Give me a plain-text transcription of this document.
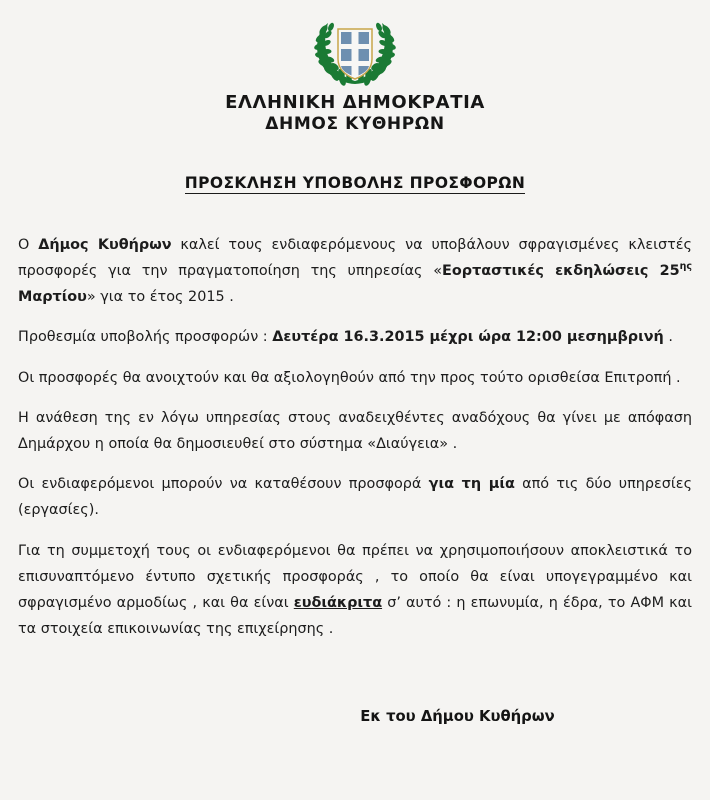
ΕΛΛΗΝΙΚΗ ΔΗΜΟΚΡΑΤΙΑ
ΔΗΜΟΣ ΚΥΘΗΡΩΝ
ΠΡΟΣΚΛΗΣΗ ΥΠΟΒΟΛΗΣ ΠΡΟΣΦΟΡΩΝ

Ο Δήμος Κυθήρων καλεί τους ενδιαφερόμενους να υποβάλουν σφραγισμένες κλειστές προσφορές για την πραγματοποίηση της υπηρεσίας «Εορταστικές εκδηλώσεις $25^{\eta\varsigma}$ Μαρτίου» για το έτος 2015 .

Προθεσμία υποβολής προσφορών : Δευτέρα 16.3.2015 μέχρι ώρα 12:00 μεσημβρινή .

Οι προσφορές θα ανοιχτούν και θα αξιολογηθούν από την προς τούτο ορισθείσα Επιτροπή .

Η ανάθεση της εν λόγω υπηρεσίας στους αναδειχθέντες αναδόχους θα γίνει με απόφαση Δημάρχου η οποία θα δημοσιευθεί στο σύστημα «Διαύγεια» .

Οι ενδιαφερόμενοι μπορούν να καταθέσουν προσφορά για τη μία από τις δύο υπηρεσίες (εργασίες).

Για τη συμμετοχή τους οι ενδιαφερόμενοι θα πρέπει να χρησιμοποιήσουν αποκλειστικά το επισυναπτόμενο έντυπο σχετικής προσφοράς , το οποίο θα είναι υπογεγραμμένο και σφραγισμένο αρμοδίως , και θα είναι ευδιάκριτα σ’ αυτό : η επωνυμία, η έδρα, το ΑΦΜ και τα στοιχεία επικοινωνίας της επιχείρησης .

Εκ του Δήμου Κυθήρων
